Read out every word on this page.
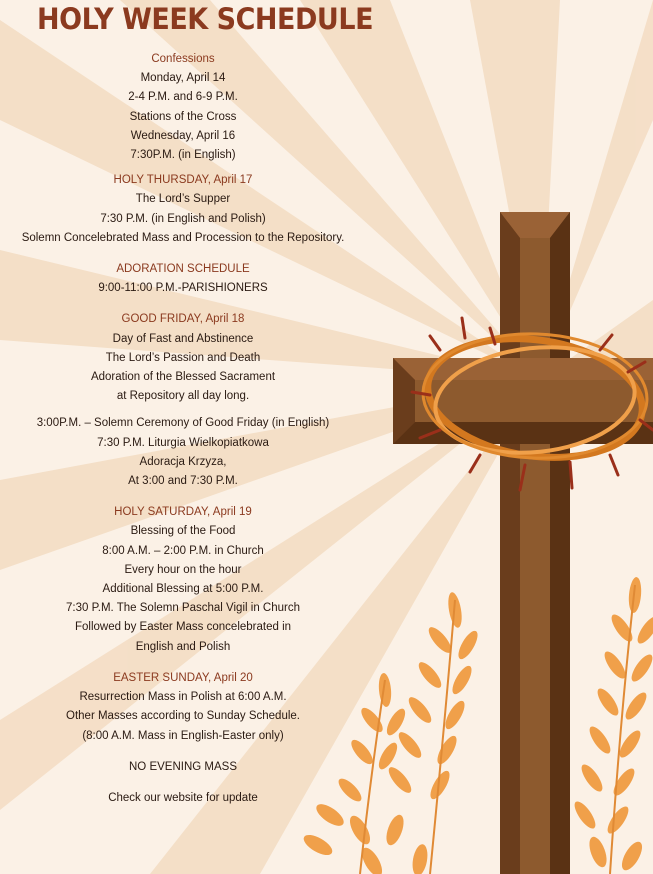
HOLY WEEK SCHEDULE
Confessions
Monday, April 14
2-4 P.M. and 6-9 P.M.
Stations of the Cross
Wednesday, April 16
7:30P.M. (in English)
HOLY THURSDAY, April 17
The Lord’s Supper
7:30 P.M. (in English and Polish)
Solemn Concelebrated Mass and Procession to the Repository.
ADORATION SCHEDULE
9:00-11:00 P.M.-PARISHIONERS
GOOD FRIDAY, April 18
Day of Fast and Abstinence
The Lord’s Passion and Death
Adoration of the Blessed Sacrament
at Repository all day long.
3:00P.M. – Solemn Ceremony of Good Friday (in English)
7:30 P.M. Liturgia Wielkopiatkowa
Adoracja Krzyza,
At 3:00 and 7:30 P.M.
HOLY SATURDAY, April 19
Blessing of the Food
8:00 A.M. – 2:00 P.M. in Church
Every hour on the hour
Additional Blessing at 5:00 P.M.
7:30 P.M. The Solemn Paschal Vigil in Church
Followed by Easter Mass concelebrated in
English and Polish
EASTER SUNDAY, April 20
Resurrection Mass in Polish at 6:00 A.M.
Other Masses according to Sunday Schedule.
(8:00 A.M. Mass in English-Easter only)
NO EVENING MASS
Check our website for update
